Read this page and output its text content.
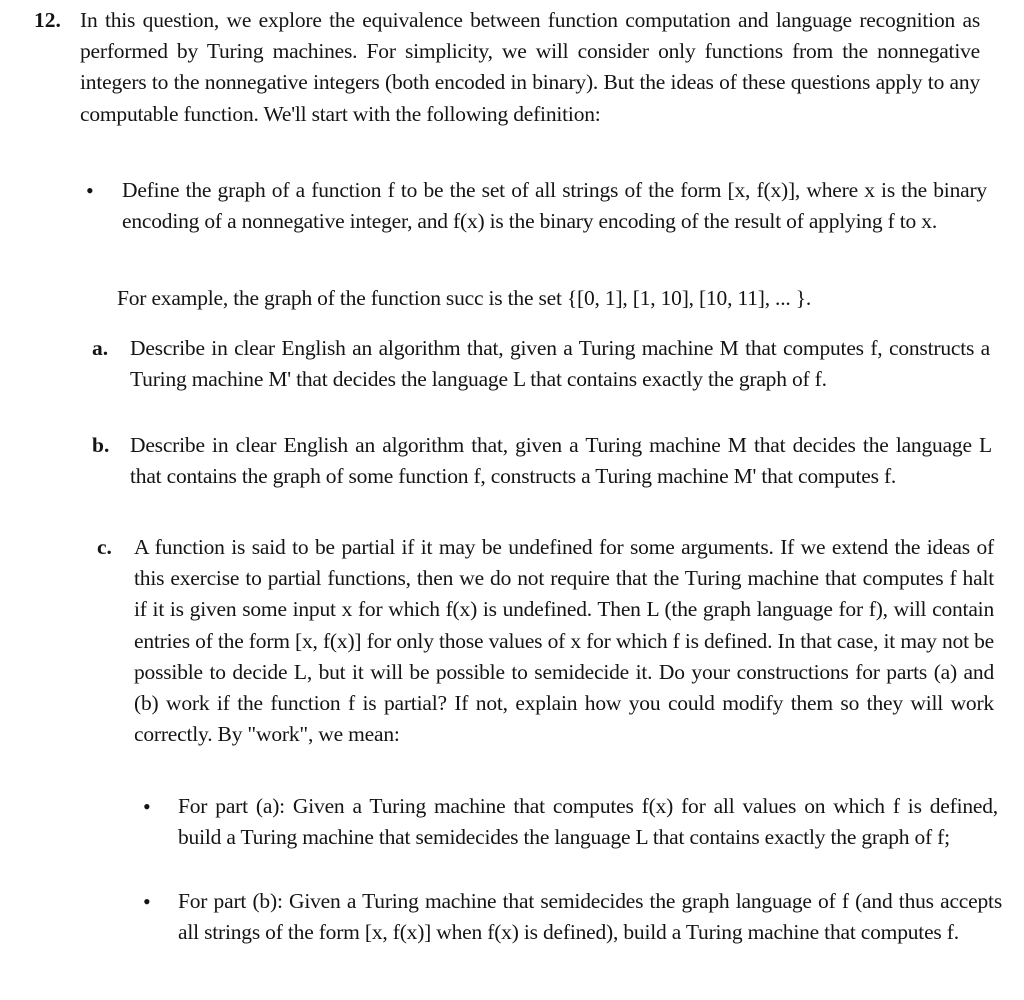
12. In this question, we explore the equivalence between function computation and language recognition as performed by Turing machines. For simplicity, we will consider only functions from the nonnegative integers to the nonnegative integers (both encoded in binary). But the ideas of these questions apply to any computable function. We'll start with the following definition:

• Define the graph of a function f to be the set of all strings of the form [x, f(x)], where x is the binary encoding of a nonnegative integer, and f(x) is the binary encoding of the result of applying f to x.

For example, the graph of the function succ is the set {[0, 1], [1, 10], [10, 11], ... }.

a. Describe in clear English an algorithm that, given a Turing machine M that computes f, constructs a Turing machine M' that decides the language L that contains exactly the graph of f.

b. Describe in clear English an algorithm that, given a Turing machine M that decides the language L that contains the graph of some function f, constructs a Turing machine M' that computes f.

c. A function is said to be partial if it may be undefined for some arguments. If we extend the ideas of this exercise to partial functions, then we do not require that the Turing machine that computes f halt if it is given some input x for which f(x) is undefined. Then L (the graph language for f), will contain entries of the form [x, f(x)] for only those values of x for which f is defined. In that case, it may not be possible to decide L, but it will be possible to semidecide it. Do your constructions for parts (a) and (b) work if the function f is partial? If not, explain how you could modify them so they will work correctly. By "work", we mean:

• For part (a): Given a Turing machine that computes f(x) for all values on which f is defined, build a Turing machine that semidecides the language L that contains exactly the graph of f;

• For part (b): Given a Turing machine that semidecides the graph language of f (and thus accepts all strings of the form [x, f(x)] when f(x) is defined), build a Turing machine that computes f.
